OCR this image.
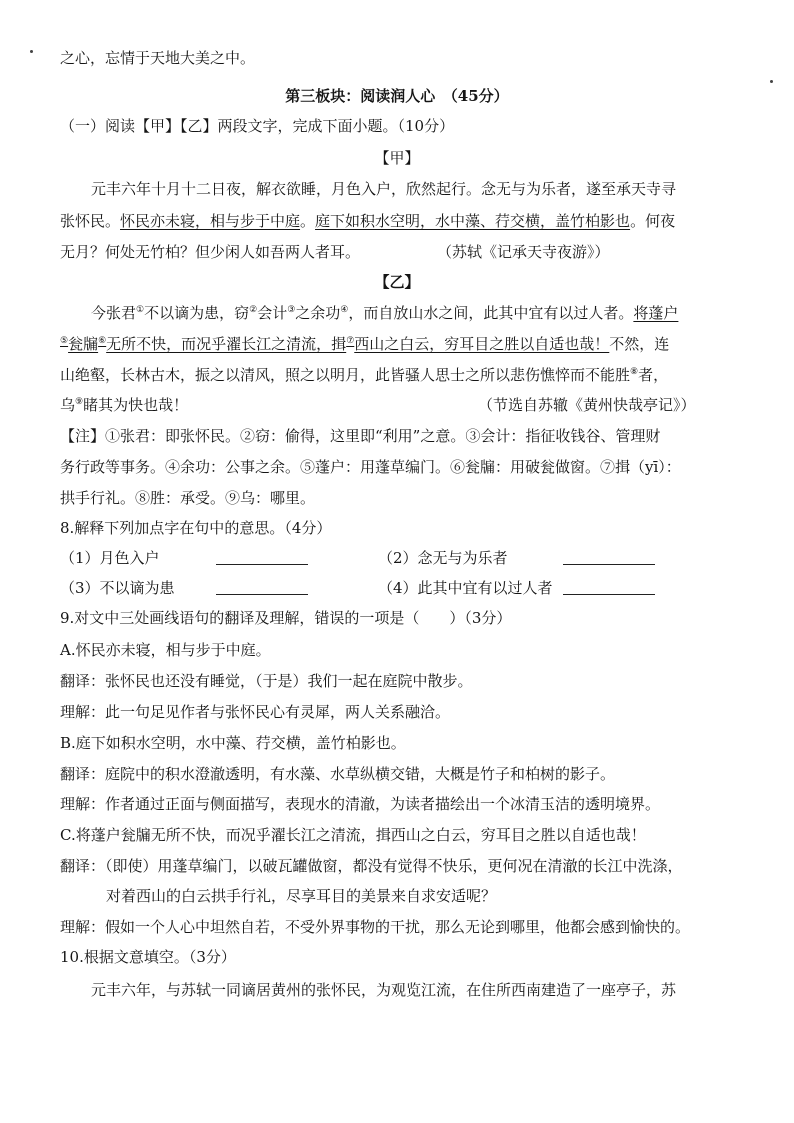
之心，忘情于天地大美之中。
第三板块：阅读润人心　（45分）
（一）阅读【甲】【乙】两段文字，完成下面小题。（10分）
【甲】
元丰六年十月十二日夜，解衣欲睡，月色入户，欣然起行。念无与为乐者，遂至承天寺寻
张怀民。怀民亦未寝，相与步于中庭。庭下如积水空明，水中藻、荇交横，盖竹柏影也。何夜
无月？何处无竹柏？但少闲人如吾两人者耳。	（苏轼《记承天寺夜游》）
【乙】
今张君①不以谪为患，窃②会计③之余功④，而自放山水之间，此其中宜有以过人者。将蓬户
⑤瓮牖⑥无所不快，而况乎濯长江之清流，揖⑦西山之白云，穷耳目之胜以自适也哉！不然，连
山绝壑，长林古木，振之以清风，照之以明月，此皆骚人思士之所以悲伤憔悴而不能胜⑧者，
乌⑨睹其为快也哉！	（节选自苏辙《黄州快哉亭记》）
【注】①张君：即张怀民。②窃：偷得，这里即“利用”之意。③会计：指征收钱谷、管理财
务行政等事务。④余功：公事之余。⑤蓬户：用蓬草编门。⑥瓮牖：用破瓮做窗。⑦揖（yī）：
拱手行礼。⑧胜：承受。⑨乌：哪里。
8.解释下列加点字在句中的意思。（4分）
（1）月色入户	（2）念无与为乐者
（3）不以谪为患	（4）此其中宜有以过人者
9.对文中三处画线语句的翻译及理解，错误的一项是（　　）（3分）
A.怀民亦未寝，相与步于中庭。
翻译：张怀民也还没有睡觉，（于是）我们一起在庭院中散步。
理解：此一句足见作者与张怀民心有灵犀，两人关系融洽。
B.庭下如积水空明，水中藻、荇交横，盖竹柏影也。
翻译：庭院中的积水澄澈透明，有水藻、水草纵横交错，大概是竹子和柏树的影子。
理解：作者通过正面与侧面描写，表现水的清澈，为读者描绘出一个冰清玉洁的透明境界。
C.将蓬户瓮牖无所不快，而况乎濯长江之清流，揖西山之白云，穷耳目之胜以自适也哉！
翻译：（即使）用蓬草编门，以破瓦罐做窗，都没有觉得不快乐，更何况在清澈的长江中洗涤，
对着西山的白云拱手行礼，尽享耳目的美景来自求安适呢？
理解：假如一个人心中坦然自若，不受外界事物的干扰，那么无论到哪里，他都会感到愉快的。
10.根据文意填空。（3分）
元丰六年，与苏轼一同谪居黄州的张怀民，为观览江流，在住所西南建造了一座亭子，苏
